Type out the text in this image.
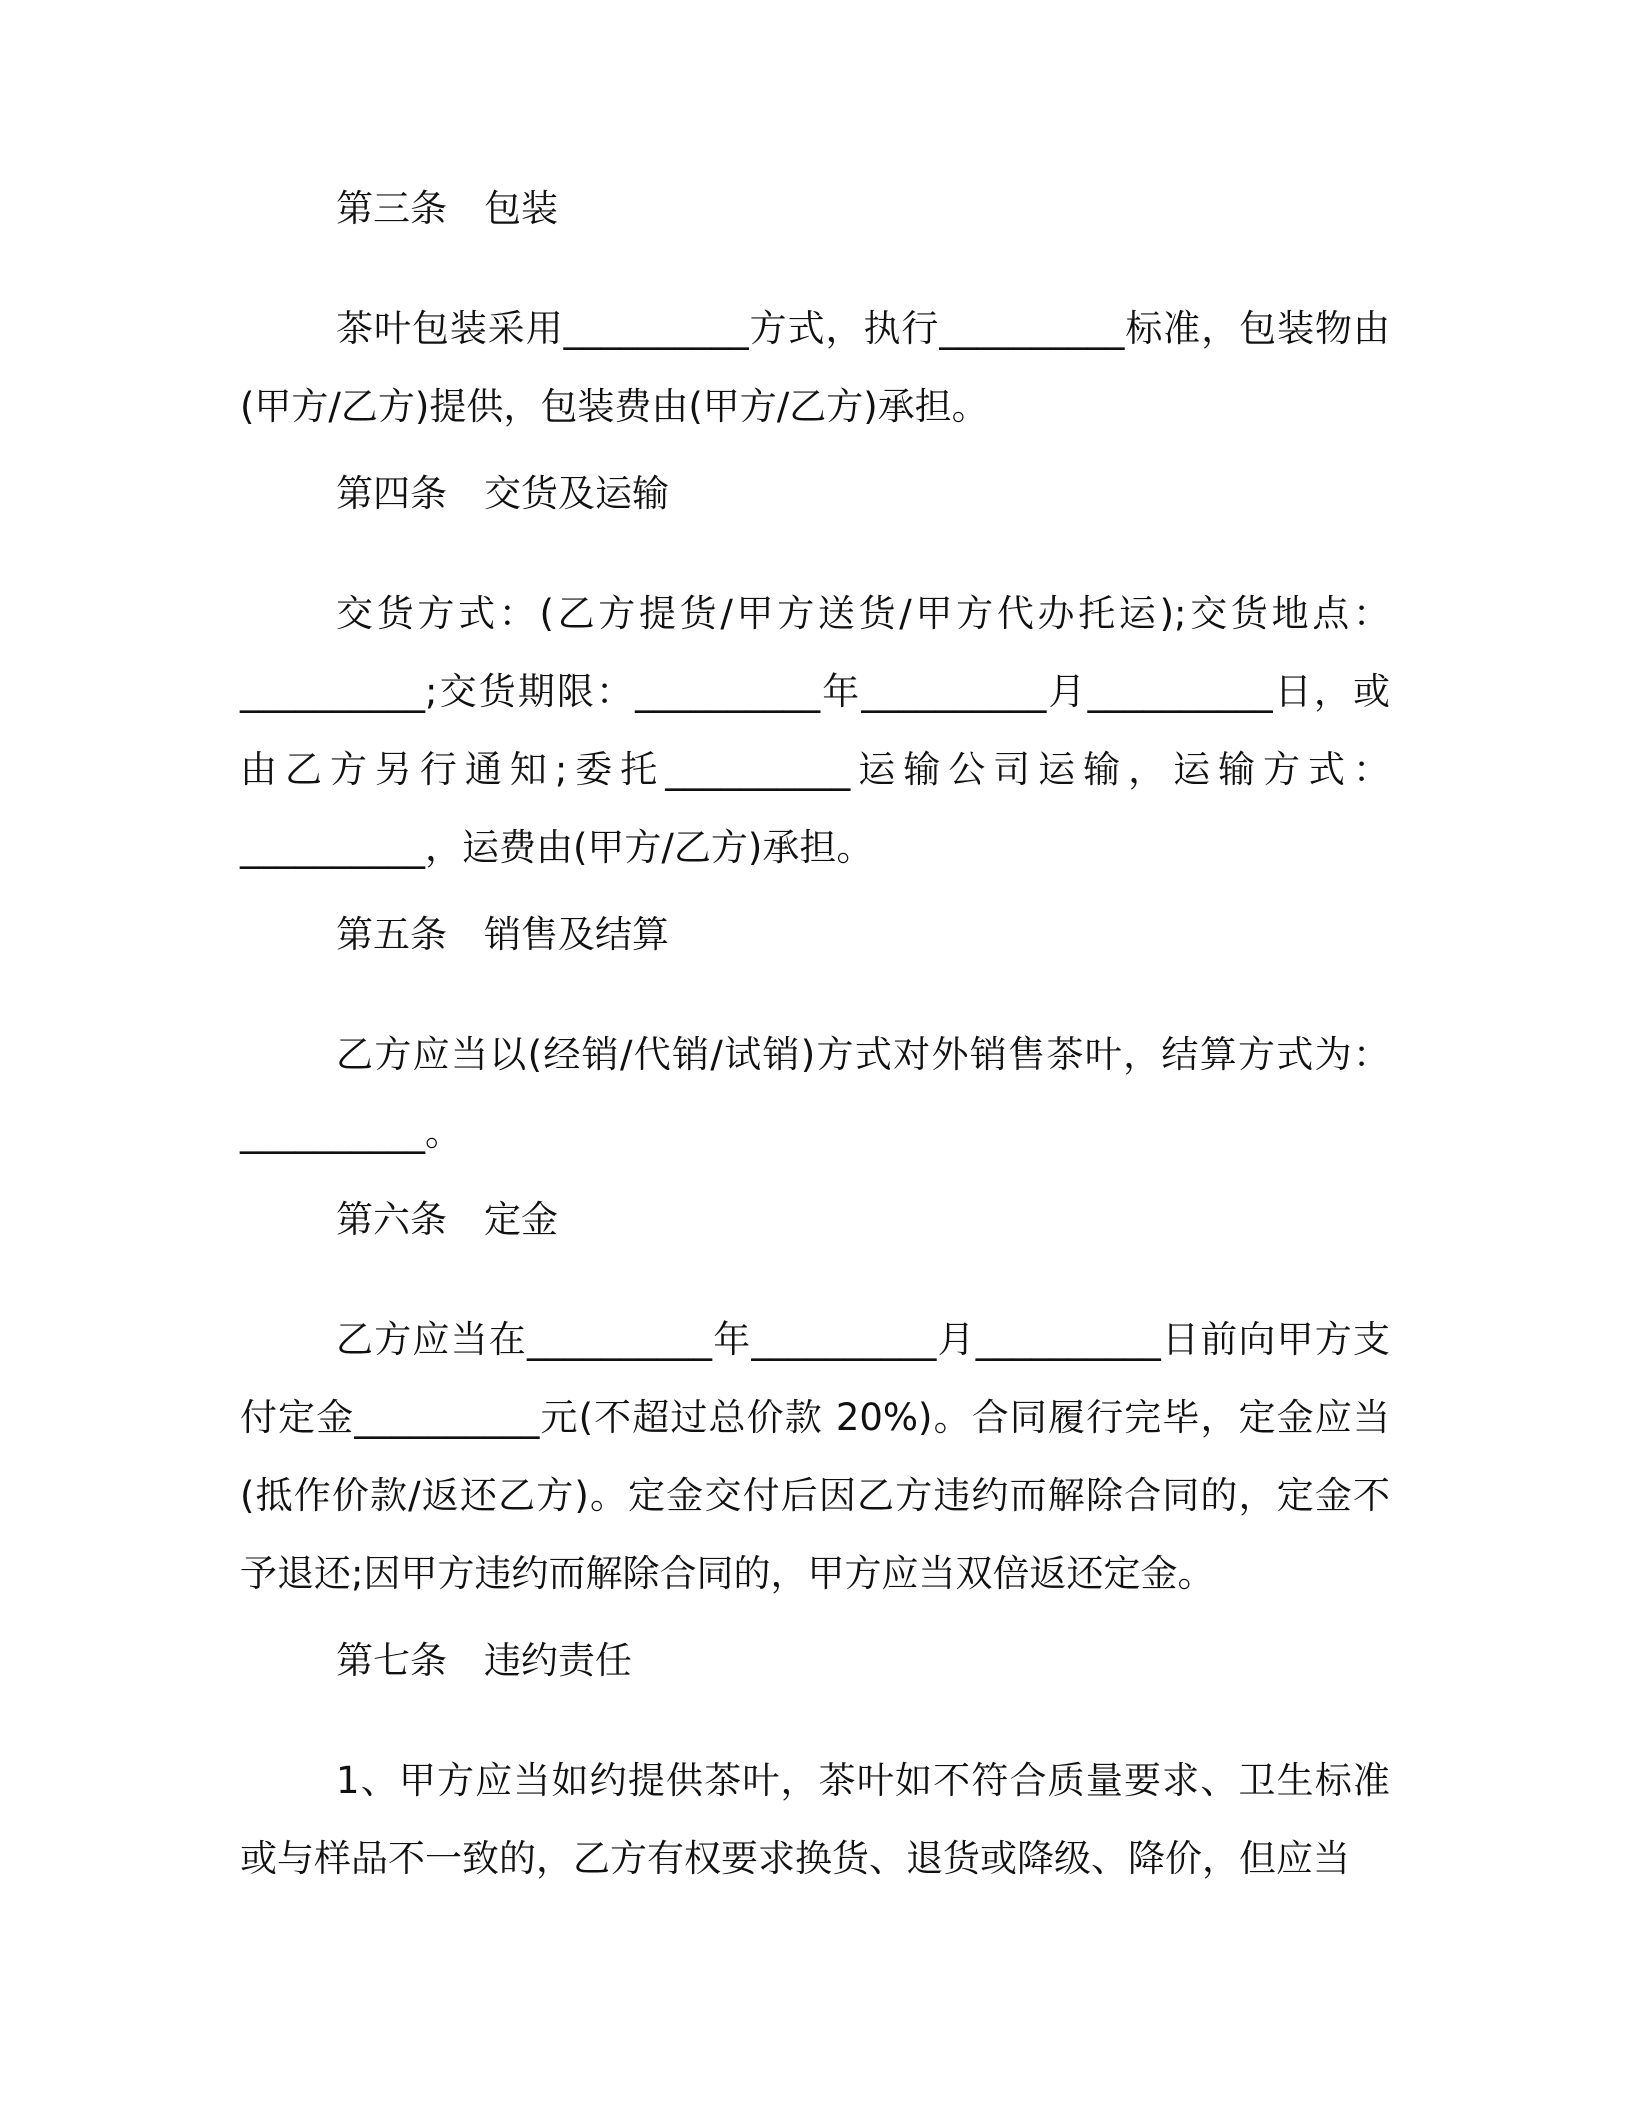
第三条　包装

茶叶包装采用__________方式，执行__________标准，包装物由(甲方/乙方)提供，包装费由(甲方/乙方)承担。

第四条　交货及运输

交货方式：(乙方提货/甲方送货/甲方代办托运);交货地点：__________;交货期限：__________年__________月__________日，或由乙方另行通知;委托__________运输公司运输，运输方式：__________，运费由(甲方/乙方)承担。

第五条　销售及结算

乙方应当以(经销/代销/试销)方式对外销售茶叶，结算方式为：__________。

第六条　定金

乙方应当在__________年__________月__________日前向甲方支付定金__________元(不超过总价款 20%)。合同履行完毕，定金应当(抵作价款/返还乙方)。定金交付后因乙方违约而解除合同的，定金不予退还;因甲方违约而解除合同的，甲方应当双倍返还定金。

第七条　违约责任

1、甲方应当如约提供茶叶，茶叶如不符合质量要求、卫生标准或与样品不一致的，乙方有权要求换货、退货或降级、降价，但应当
